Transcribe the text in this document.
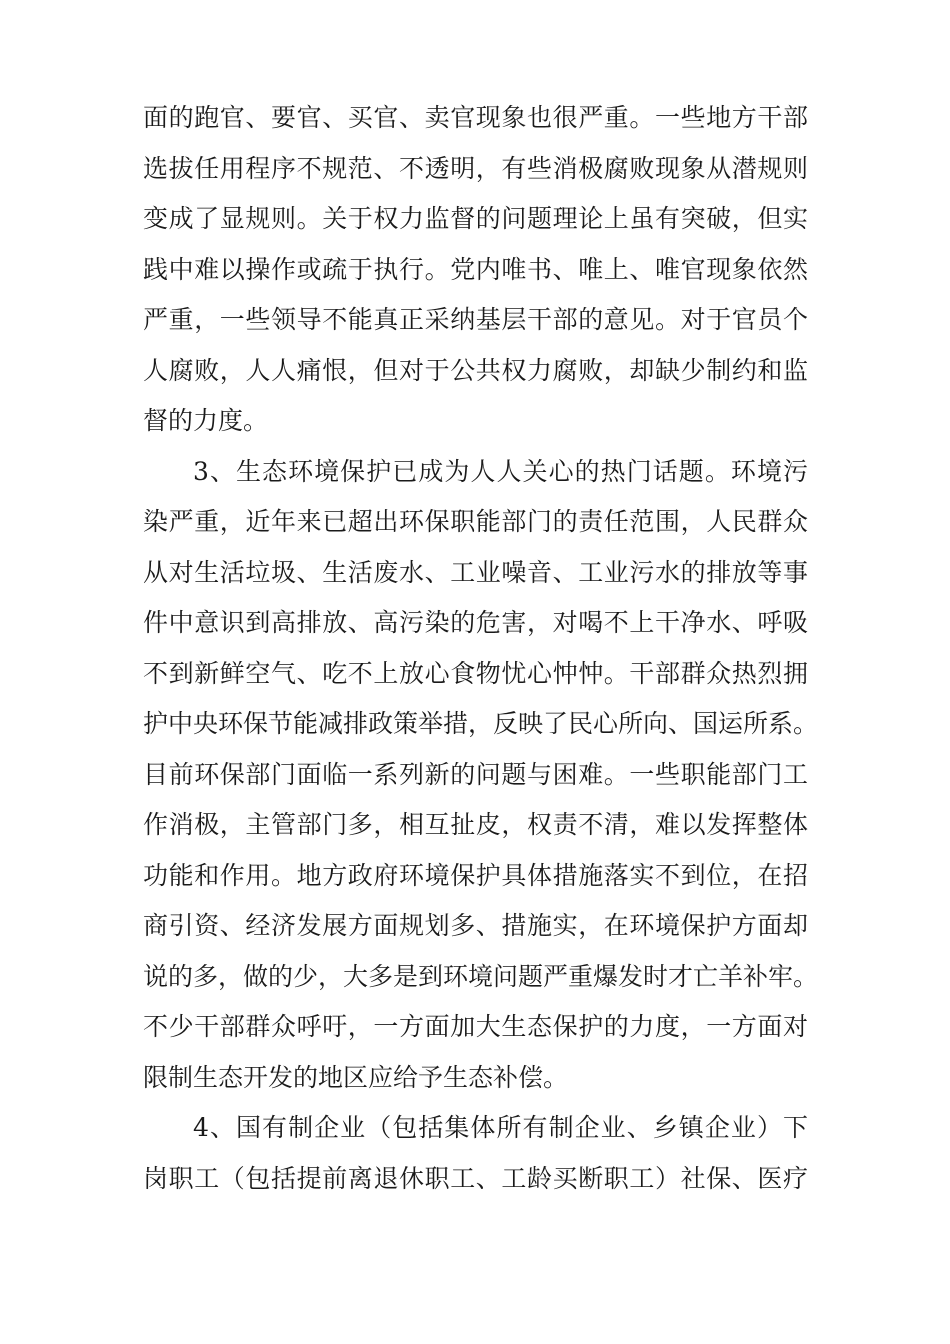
面的跑官、要官、买官、卖官现象也很严重。一些地方干部
选拔任用程序不规范、不透明，有些消极腐败现象从潜规则
变成了显规则。关于权力监督的问题理论上虽有突破，但实
践中难以操作或疏于执行。党内唯书、唯上、唯官现象依然
严重，一些领导不能真正采纳基层干部的意见。对于官员个
人腐败，人人痛恨，但对于公共权力腐败，却缺少制约和监
督的力度。
3、生态环境保护已成为人人关心的热门话题。环境污
染严重，近年来已超出环保职能部门的责任范围，人民群众
从对生活垃圾、生活废水、工业噪音、工业污水的排放等事
件中意识到高排放、高污染的危害，对喝不上干净水、呼吸
不到新鲜空气、吃不上放心食物忧心忡忡。干部群众热烈拥
护中央环保节能减排政策举措，反映了民心所向、国运所系。
目前环保部门面临一系列新的问题与困难。一些职能部门工
作消极，主管部门多，相互扯皮，权责不清，难以发挥整体
功能和作用。地方政府环境保护具体措施落实不到位，在招
商引资、经济发展方面规划多、措施实，在环境保护方面却
说的多，做的少，大多是到环境问题严重爆发时才亡羊补牢。
不少干部群众呼吁，一方面加大生态保护的力度，一方面对
限制生态开发的地区应给予生态补偿。
4、国有制企业（包括集体所有制企业、乡镇企业）下
岗职工（包括提前离退休职工、工龄买断职工）社保、医疗
